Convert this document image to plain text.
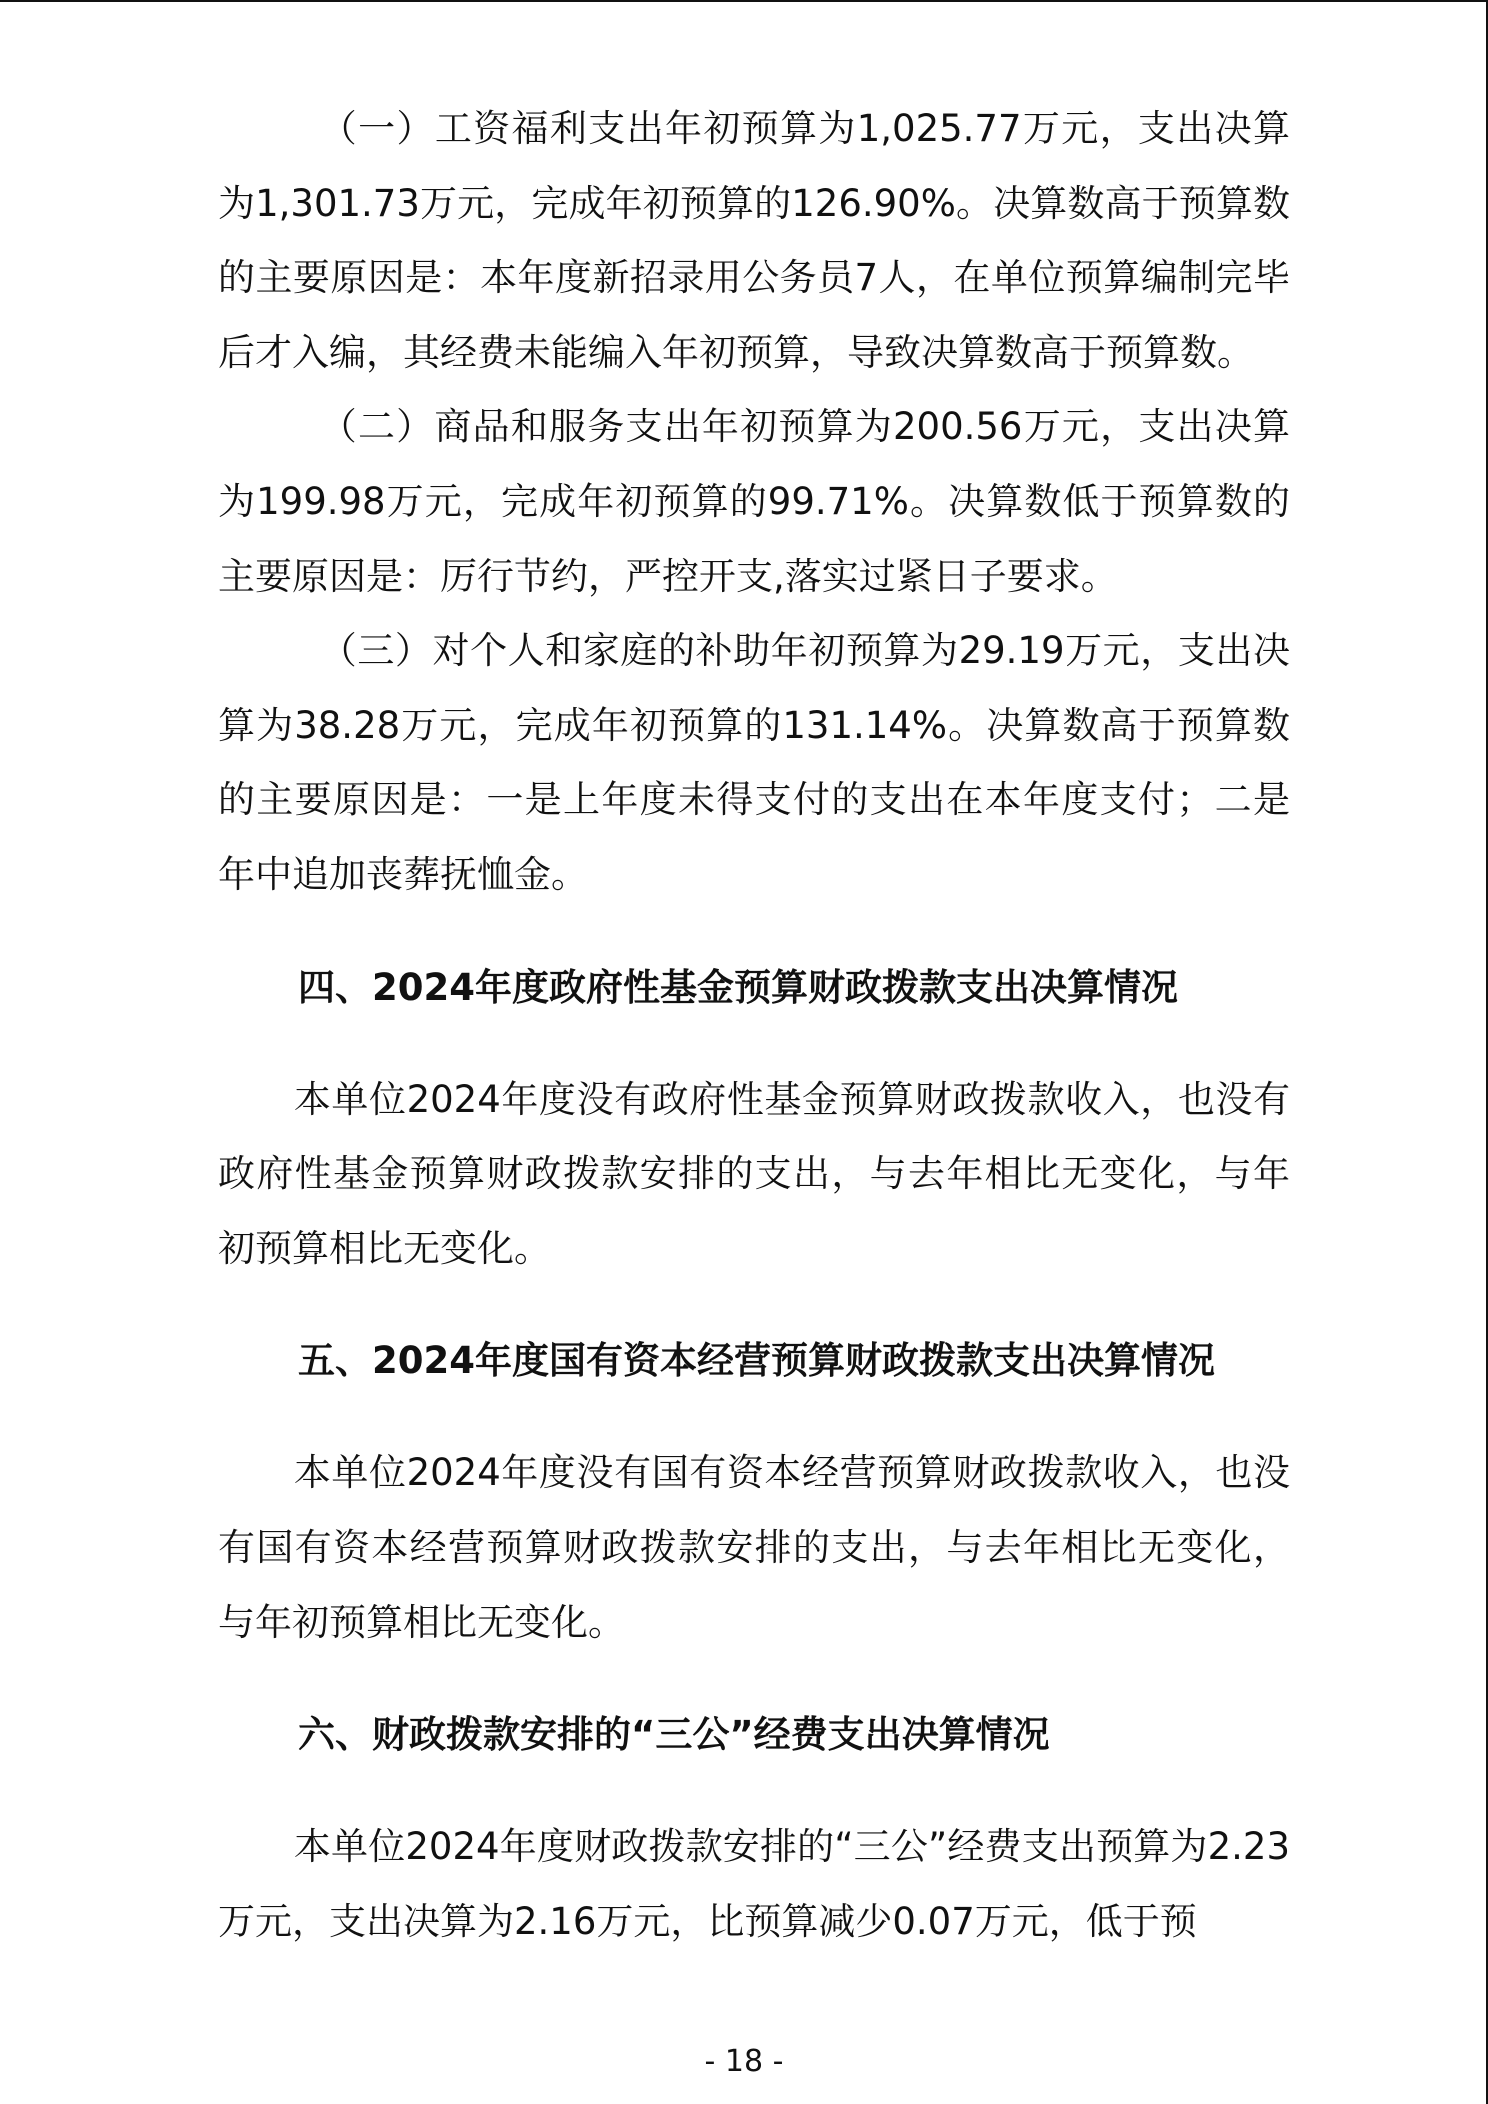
（一）工资福利支出年初预算为1,025.77万元，支出决算为1,301.73万元，完成年初预算的126.90%。决算数高于预算数的主要原因是：本年度新招录用公务员7人，在单位预算编制完毕后才入编，其经费未能编入年初预算，导致决算数高于预算数。

（二）商品和服务支出年初预算为200.56万元，支出决算为199.98万元，完成年初预算的99.71%。决算数低于预算数的主要原因是：厉行节约，严控开支,落实过紧日子要求。

（三）对个人和家庭的补助年初预算为29.19万元，支出决算为38.28万元，完成年初预算的131.14%。决算数高于预算数的主要原因是：一是上年度未得支付的支出在本年度支付；二是年中追加丧葬抚恤金。

四、2024年度政府性基金预算财政拨款支出决算情况

本单位2024年度没有政府性基金预算财政拨款收入，也没有政府性基金预算财政拨款安排的支出，与去年相比无变化，与年初预算相比无变化。

五、2024年度国有资本经营预算财政拨款支出决算情况

本单位2024年度没有国有资本经营预算财政拨款收入，也没有国有资本经营预算财政拨款安排的支出，与去年相比无变化，与年初预算相比无变化。

六、财政拨款安排的“三公”经费支出决算情况

本单位2024年度财政拨款安排的“三公”经费支出预算为2.23万元，支出决算为2.16万元，比预算减少0.07万元，低于预

- 18 -
